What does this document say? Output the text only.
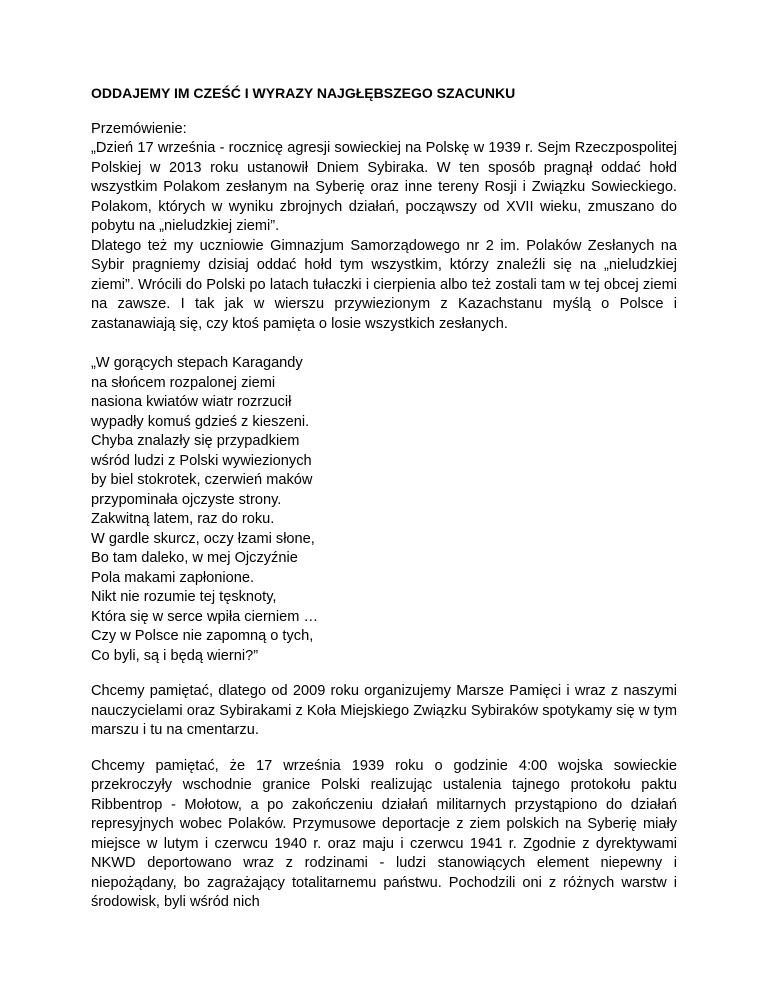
ODDAJEMY IM CZEŚĆ I WYRAZY NAJGŁĘBSZEGO SZACUNKU

Przemówienie:

„Dzień 17 września - rocznicę agresji sowieckiej na Polskę w 1939 r. Sejm Rzeczpospolitej Polskiej w 2013 roku ustanowił Dniem Sybiraka. W ten sposób pragnął oddać hołd wszystkim Polakom zesłanym na Syberię oraz inne tereny Rosji i Związku Sowieckiego. Polakom, których w wyniku zbrojnych działań, począwszy od XVII wieku, zmuszano do pobytu na „nieludzkiej ziemi”.

Dlatego też my uczniowie Gimnazjum Samorządowego nr 2 im. Polaków Zesłanych na Sybir pragniemy dzisiaj oddać hołd tym wszystkim, którzy znaleźli się na „nieludzkiej ziemi”. Wrócili do Polski po latach tułaczki i cierpienia albo też zostali tam w tej obcej ziemi na zawsze. I tak jak w wierszu przywiezionym z Kazachstanu myślą o Polsce i zastanawiają się, czy ktoś pamięta o losie wszystkich zesłanych.

„W gorących stepach Karagandy
na słońcem rozpalonej ziemi
nasiona kwiatów wiatr rozrzucił
wypadły komuś gdzieś z kieszeni.
Chyba znalazły się przypadkiem
wśród ludzi z Polski wywiezionych
by biel stokrotek, czerwień maków
przypominała ojczyste strony.
Zakwitną latem, raz do roku.
W gardle skurcz, oczy łzami słone,
Bo tam daleko, w mej Ojczyźnie
Pola makami zapłonione.
Nikt nie rozumie tej tęsknoty,
Która się w serce wpiła cierniem …
Czy w Polsce nie zapomną o tych,
Co byli, są i będą wierni?”

Chcemy pamiętać, dlatego od 2009 roku organizujemy Marsze Pamięci i wraz z naszymi nauczycielami oraz Sybirakami z Koła Miejskiego Związku Sybiraków spotykamy się w tym marszu i tu na cmentarzu.

Chcemy pamiętać, że 17 września 1939 roku o godzinie 4:00 wojska sowieckie przekroczyły wschodnie granice Polski realizując ustalenia tajnego protokołu paktu Ribbentrop - Mołotow, a po zakończeniu działań militarnych przystąpiono do działań represyjnych wobec Polaków. Przymusowe deportacje z ziem polskich na Syberię miały miejsce w lutym i czerwcu 1940 r. oraz maju i czerwcu 1941 r. Zgodnie z dyrektywami NKWD deportowano wraz z rodzinami - ludzi stanowiących element niepewny i niepożądany, bo zagrażający totalitarnemu państwu. Pochodzili oni z różnych warstw i środowisk, byli wśród nich
